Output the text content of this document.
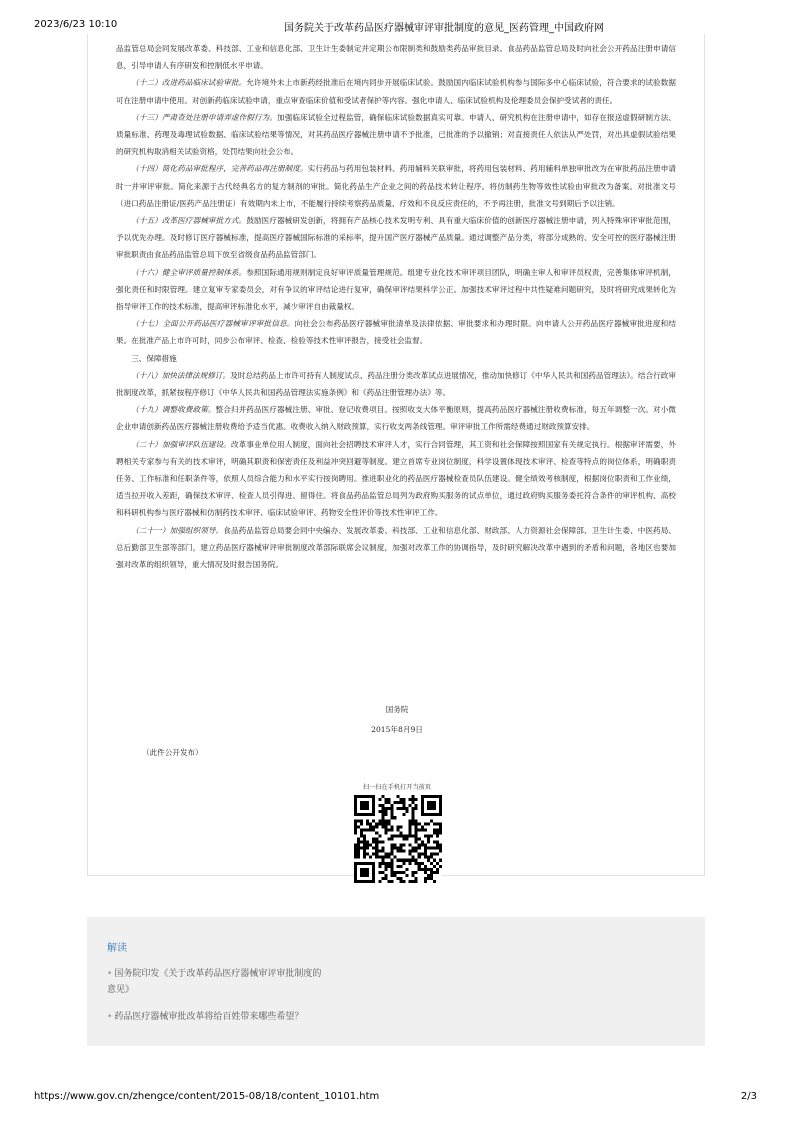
2023/6/23 10:10	国务院关于改革药品医疗器械审评审批制度的意见_医药管理_中国政府网

品监管总局会同发展改革委、科技部、工业和信息化部、卫生计生委制定并定期公布限制类和鼓励类药品审批目录。食品药品监管总局及时向社会公开药品注册申请信息，引导申请人有序研发和控制低水平申请。

（十二）改进药品临床试验审批。允许境外未上市新药经批准后在境内同步开展临床试验。鼓励国内临床试验机构参与国际多中心临床试验，符合要求的试验数据可在注册申请中使用。对创新药临床试验申请，重点审查临床价值和受试者保护等内容。强化申请人、临床试验机构及伦理委员会保护受试者的责任。

（十三）严肃查处注册申请弄虚作假行为。加强临床试验全过程监管，确保临床试验数据真实可靠。申请人、研究机构在注册申请中，如存在报送虚假研制方法、质量标准、药理及毒理试验数据、临床试验结果等情况，对其药品医疗器械注册申请不予批准，已批准的予以撤销；对直接责任人依法从严处罚，对出具虚假试验结果的研究机构取消相关试验资格，处罚结果向社会公布。

（十四）简化药品审批程序，完善药品再注册制度。实行药品与药用包装材料、药用辅料关联审批，将药用包装材料、药用辅料单独审批改为在审批药品注册申请时一并审评审批。简化来源于古代经典名方的复方制剂的审批。简化药品生产企业之间的药品技术转让程序。将仿制药生物等效性试验由审批改为备案。对批准文号（进口药品注册证/医药产品注册证）有效期内未上市，不能履行持续考察药品质量、疗效和不良反应责任的，不予再注册，批准文号到期后予以注销。

（十五）改革医疗器械审批方式。鼓励医疗器械研发创新，将拥有产品核心技术发明专利、具有重大临床价值的创新医疗器械注册申请，列入特殊审评审批范围，予以优先办理。及时修订医疗器械标准，提高医疗器械国际标准的采标率，提升国产医疗器械产品质量。通过调整产品分类，将部分成熟的、安全可控的医疗器械注册审批职责由食品药品监管总局下放至省级食品药品监管部门。

（十六）健全审评质量控制体系。参照国际通用规则制定良好审评质量管理规范。组建专业化技术审评项目团队，明确主审人和审评员权责，完善集体审评机制，强化责任和时限管理。建立复审专家委员会，对有争议的审评结论进行复审，确保审评结果科学公正。加强技术审评过程中共性疑难问题研究，及时将研究成果转化为指导审评工作的技术标准，提高审评标准化水平，减少审评自由裁量权。

（十七）全面公开药品医疗器械审评审批信息。向社会公布药品医疗器械审批清单及法律依据、审批要求和办理时限。向申请人公开药品医疗器械审批进度和结果。在批准产品上市许可时，同步公布审评、检查、检验等技术性审评报告，接受社会监督。

三、保障措施

（十八）加快法律法规修订。及时总结药品上市许可持有人制度试点、药品注册分类改革试点进展情况，推动加快修订《中华人民共和国药品管理法》。结合行政审批制度改革，抓紧按程序修订《中华人民共和国药品管理法实施条例》和《药品注册管理办法》等。

（十九）调整收费政策。整合归并药品医疗器械注册、审批、登记收费项目。按照收支大体平衡原则，提高药品医疗器械注册收费标准，每五年调整一次。对小微企业申请创新药品医疗器械注册收费给予适当优惠。收费收入纳入财政预算，实行收支两条线管理。审评审批工作所需经费通过财政预算安排。

（二十）加强审评队伍建设。改革事业单位用人制度，面向社会招聘技术审评人才，实行合同管理，其工资和社会保障按照国家有关规定执行。根据审评需要，外聘相关专家参与有关的技术审评，明确其职责和保密责任及利益冲突回避等制度。建立首席专业岗位制度，科学设置体现技术审评、检查等特点的岗位体系，明确职责任务、工作标准和任职条件等，依照人员综合能力和水平实行按岗聘用。推进职业化的药品医疗器械检查员队伍建设。健全绩效考核制度，根据岗位职责和工作业绩，适当拉开收入差距，确保技术审评、检查人员引得进、留得住。将食品药品监管总局列为政府购买服务的试点单位，通过政府购买服务委托符合条件的审评机构、高校和科研机构参与医疗器械和仿制药技术审评、临床试验审评、药物安全性评价等技术性审评工作。

（二十一）加强组织领导。食品药品监管总局要会同中央编办、发展改革委、科技部、工业和信息化部、财政部、人力资源社会保障部、卫生计生委、中医药局、总后勤部卫生部等部门，建立药品医疗器械审评审批制度改革部际联席会议制度，加强对改革工作的协调指导，及时研究解决改革中遇到的矛盾和问题，各地区也要加强对改革的组织领导，重大情况及时报告国务院。

国务院
2015年8月9日
（此件公开发布）
扫一扫在手机打开当前页
解读
• 国务院印发《关于改革药品医疗器械审评审批制度的意见》
• 药品医疗器械审批改革将给百姓带来哪些希望？
https://www.gov.cn/zhengce/content/2015-08/18/content_10101.htm	2/3
